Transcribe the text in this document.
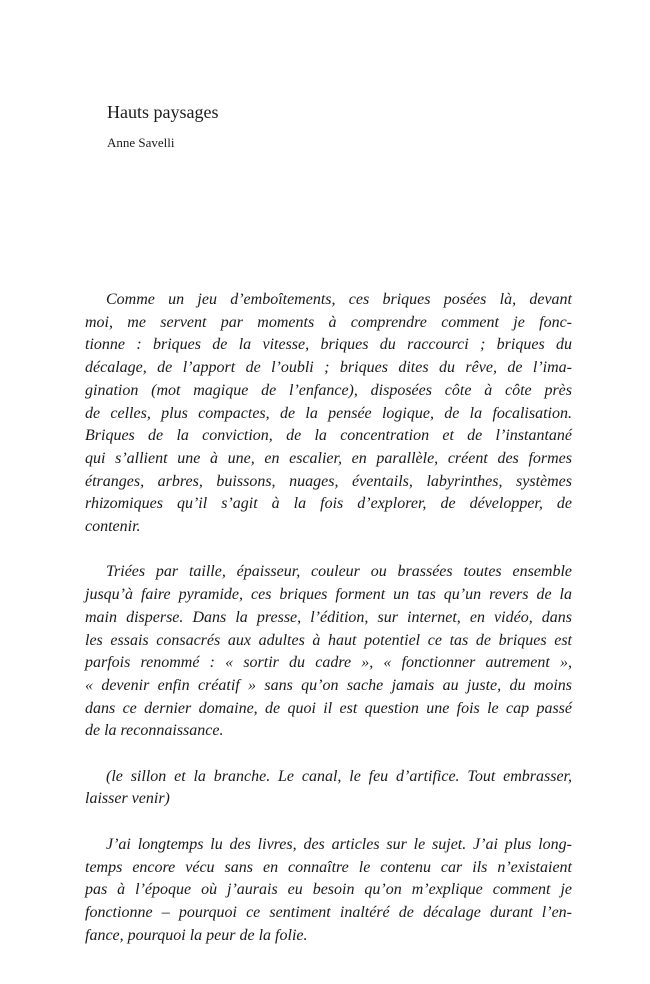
Hauts paysages
Anne Savelli
Comme un jeu d’emboîtements, ces briques posées là, devant
moi, me servent par moments à comprendre comment je fonc-
tionne : briques de la vitesse, briques du raccourci ; briques du
décalage, de l’apport de l’oubli ; briques dites du rêve, de l’ima-
gination (mot magique de l’enfance), disposées côte à côte près
de celles, plus compactes, de la pensée logique, de la focalisation.
Briques de la conviction, de la concentration et de l’instantané
qui s’allient une à une, en escalier, en parallèle, créent des formes
étranges, arbres, buissons, nuages, éventails, labyrinthes, systèmes
rhizomiques qu’il s’agit à la fois d’explorer, de développer, de
contenir.
Triées par taille, épaisseur, couleur ou brassées toutes ensemble
jusqu’à faire pyramide, ces briques forment un tas qu’un revers de la
main disperse. Dans la presse, l’édition, sur internet, en vidéo, dans
les essais consacrés aux adultes à haut potentiel ce tas de briques est
parfois renommé : « sortir du cadre », « fonctionner autrement »,
« devenir enfin créatif » sans qu’on sache jamais au juste, du moins
dans ce dernier domaine, de quoi il est question une fois le cap passé
de la reconnaissance.
(le sillon et la branche. Le canal, le feu d’artifice. Tout embrasser,
laisser venir)
J’ai longtemps lu des livres, des articles sur le sujet. J’ai plus long-
temps encore vécu sans en connaître le contenu car ils n’existaient
pas à l’époque où j’aurais eu besoin qu’on m’explique comment je
fonctionne – pourquoi ce sentiment inaltéré de décalage durant l’en-
fance, pourquoi la peur de la folie.
